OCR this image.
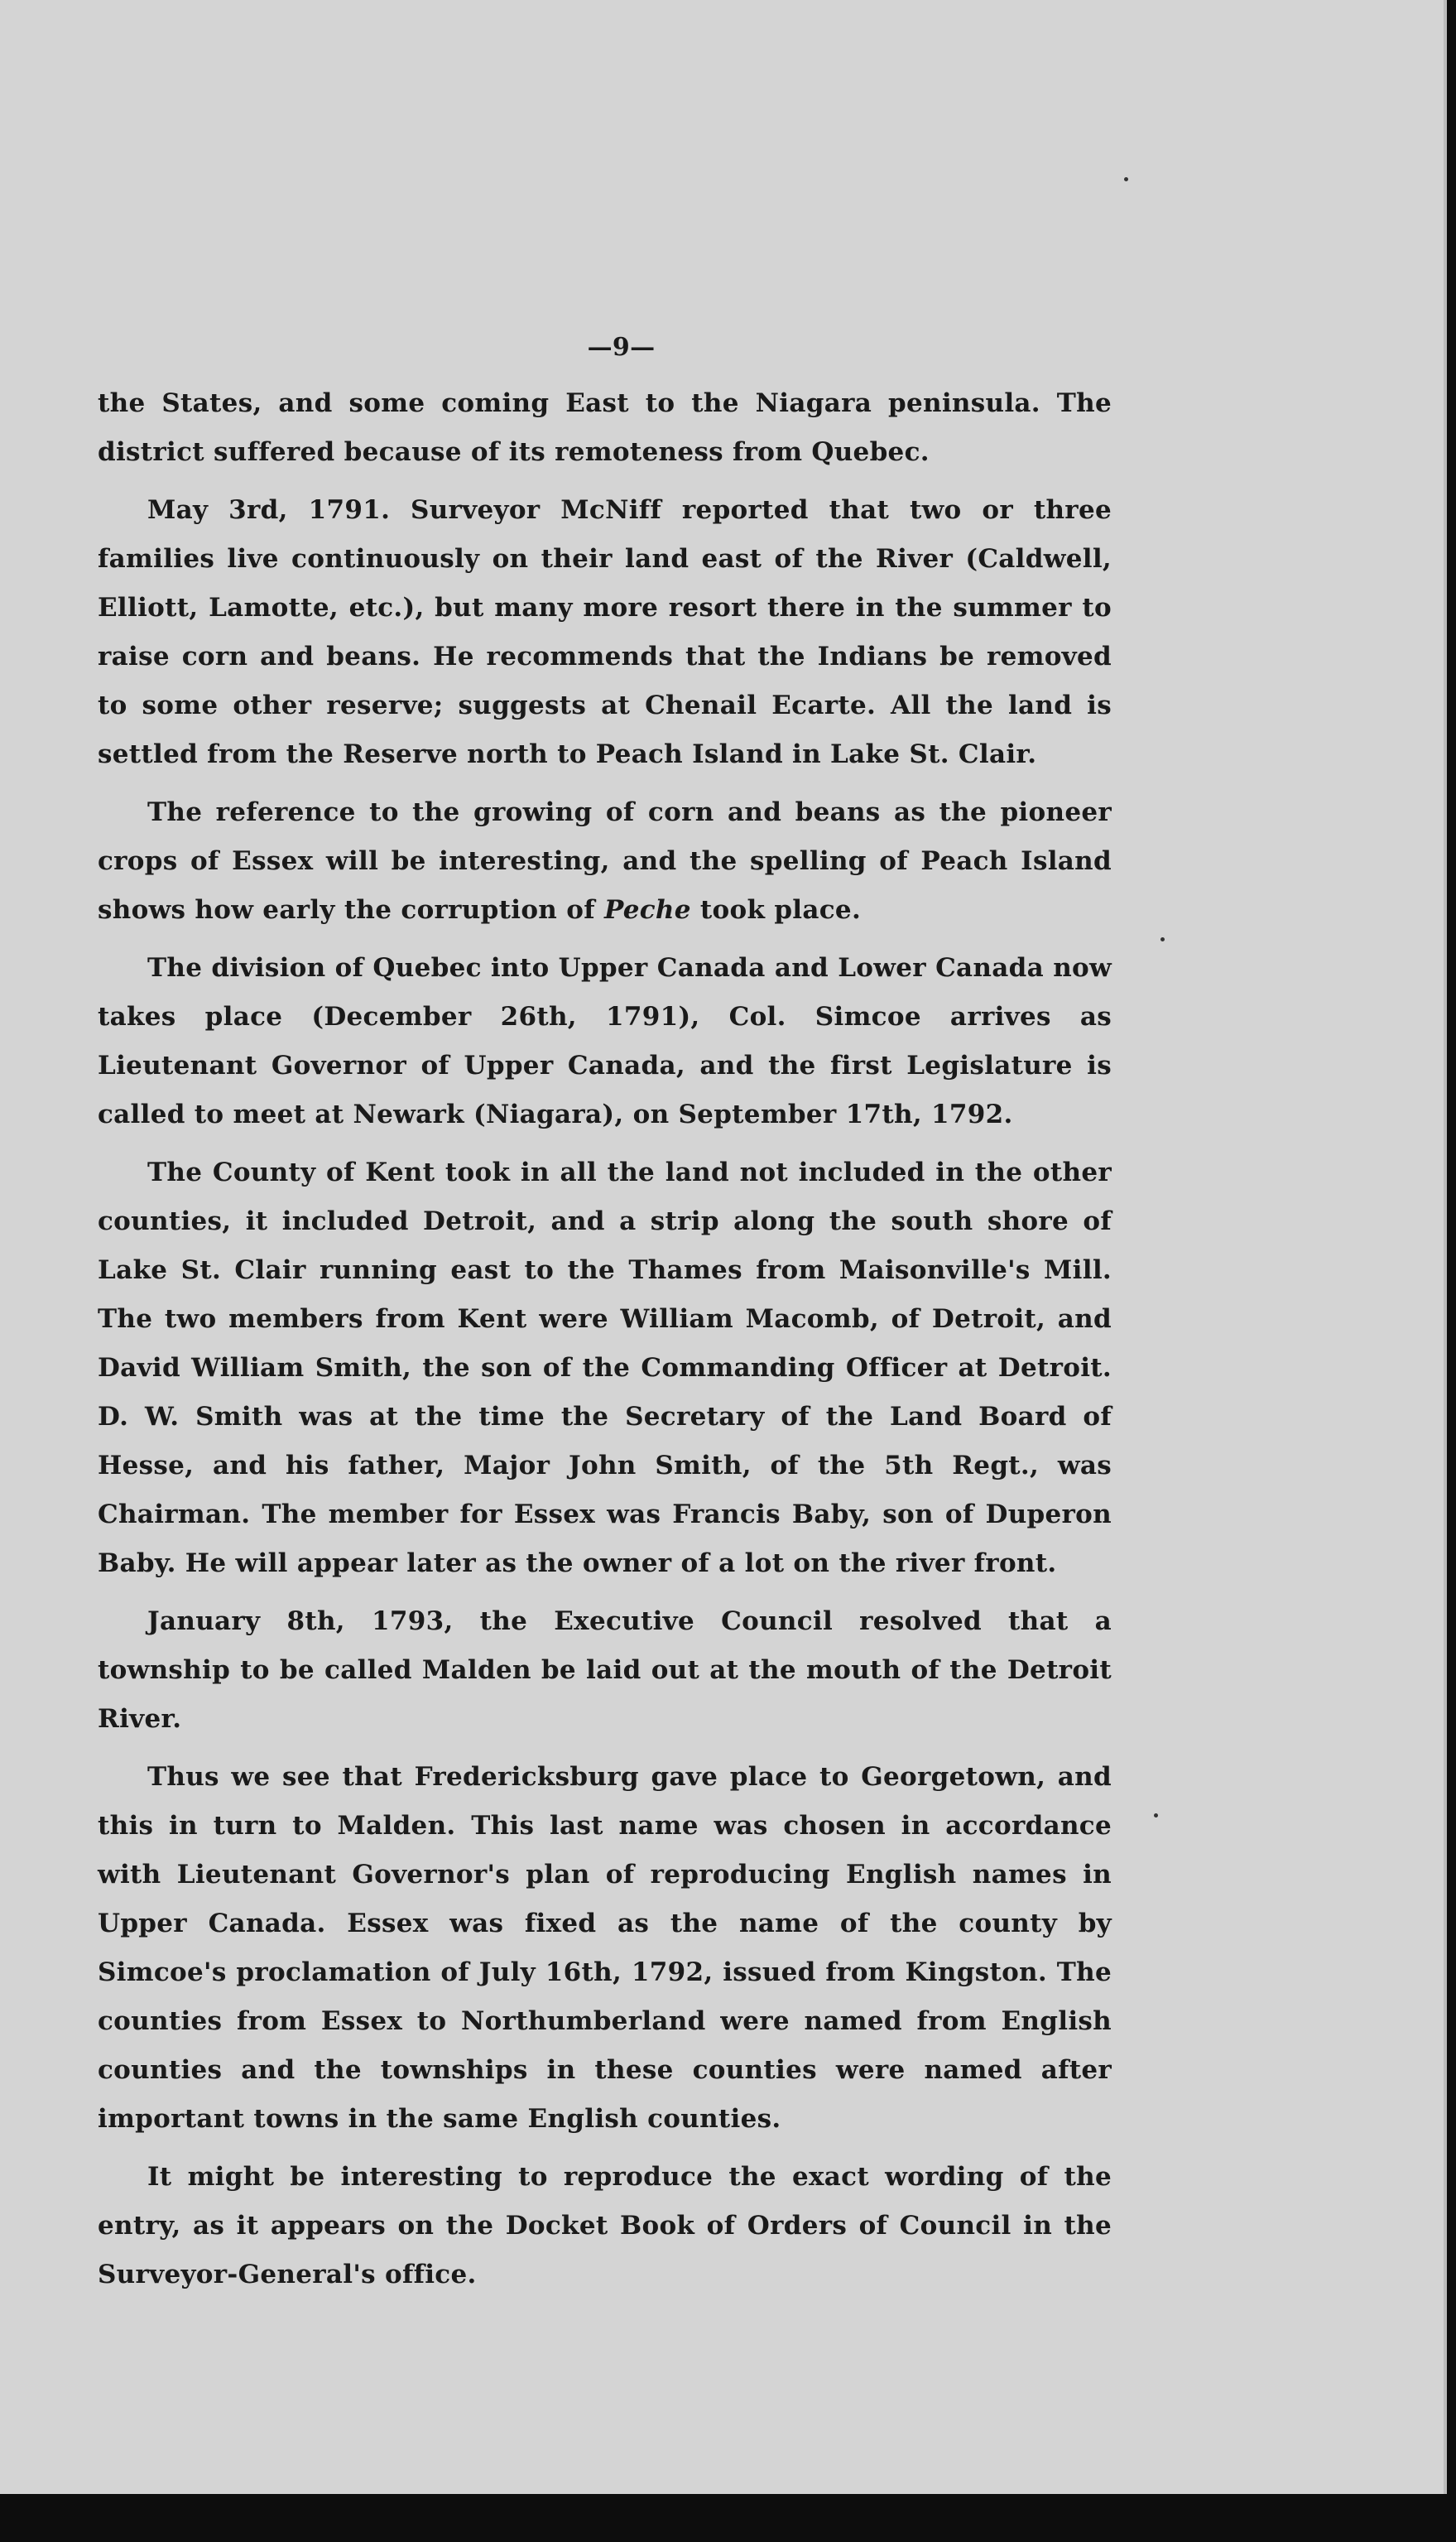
—9—

the States, and some coming East to the Niagara peninsula. The district suffered because of its remoteness from Quebec.

May 3rd, 1791. Surveyor McNiff reported that two or three families live continuously on their land east of the River (Caldwell, Elliott, Lamotte, etc.), but many more resort there in the summer to raise corn and beans. He recommends that the Indians be removed to some other reserve; suggests at Chenail Ecarte. All the land is settled from the Reserve north to Peach Island in Lake St. Clair.

The reference to the growing of corn and beans as the pioneer crops of Essex will be interesting, and the spelling of Peach Island shows how early the corruption of Peche took place.

The division of Quebec into Upper Canada and Lower Canada now takes place (December 26th, 1791), Col. Simcoe arrives as Lieutenant Governor of Upper Canada, and the first Legislature is called to meet at Newark (Niagara), on September 17th, 1792.

The County of Kent took in all the land not included in the other counties, it included Detroit, and a strip along the south shore of Lake St. Clair running east to the Thames from Maisonville's Mill. The two members from Kent were William Macomb, of Detroit, and David William Smith, the son of the Commanding Officer at Detroit. D. W. Smith was at the time the Secretary of the Land Board of Hesse, and his father, Major John Smith, of the 5th Regt., was Chairman. The member for Essex was Francis Baby, son of Duperon Baby. He will appear later as the owner of a lot on the river front.

January 8th, 1793, the Executive Council resolved that a township to be called Malden be laid out at the mouth of the Detroit River.

Thus we see that Fredericksburg gave place to Georgetown, and this in turn to Malden. This last name was chosen in accordance with Lieutenant Governor's plan of reproducing English names in Upper Canada. Essex was fixed as the name of the county by Simcoe's proclamation of July 16th, 1792, issued from Kingston. The counties from Essex to Northumberland were named from English counties and the townships in these counties were named after important towns in the same English counties.

It might be interesting to reproduce the exact wording of the entry, as it appears on the Docket Book of Orders of Council in the Surveyor-General's office.
